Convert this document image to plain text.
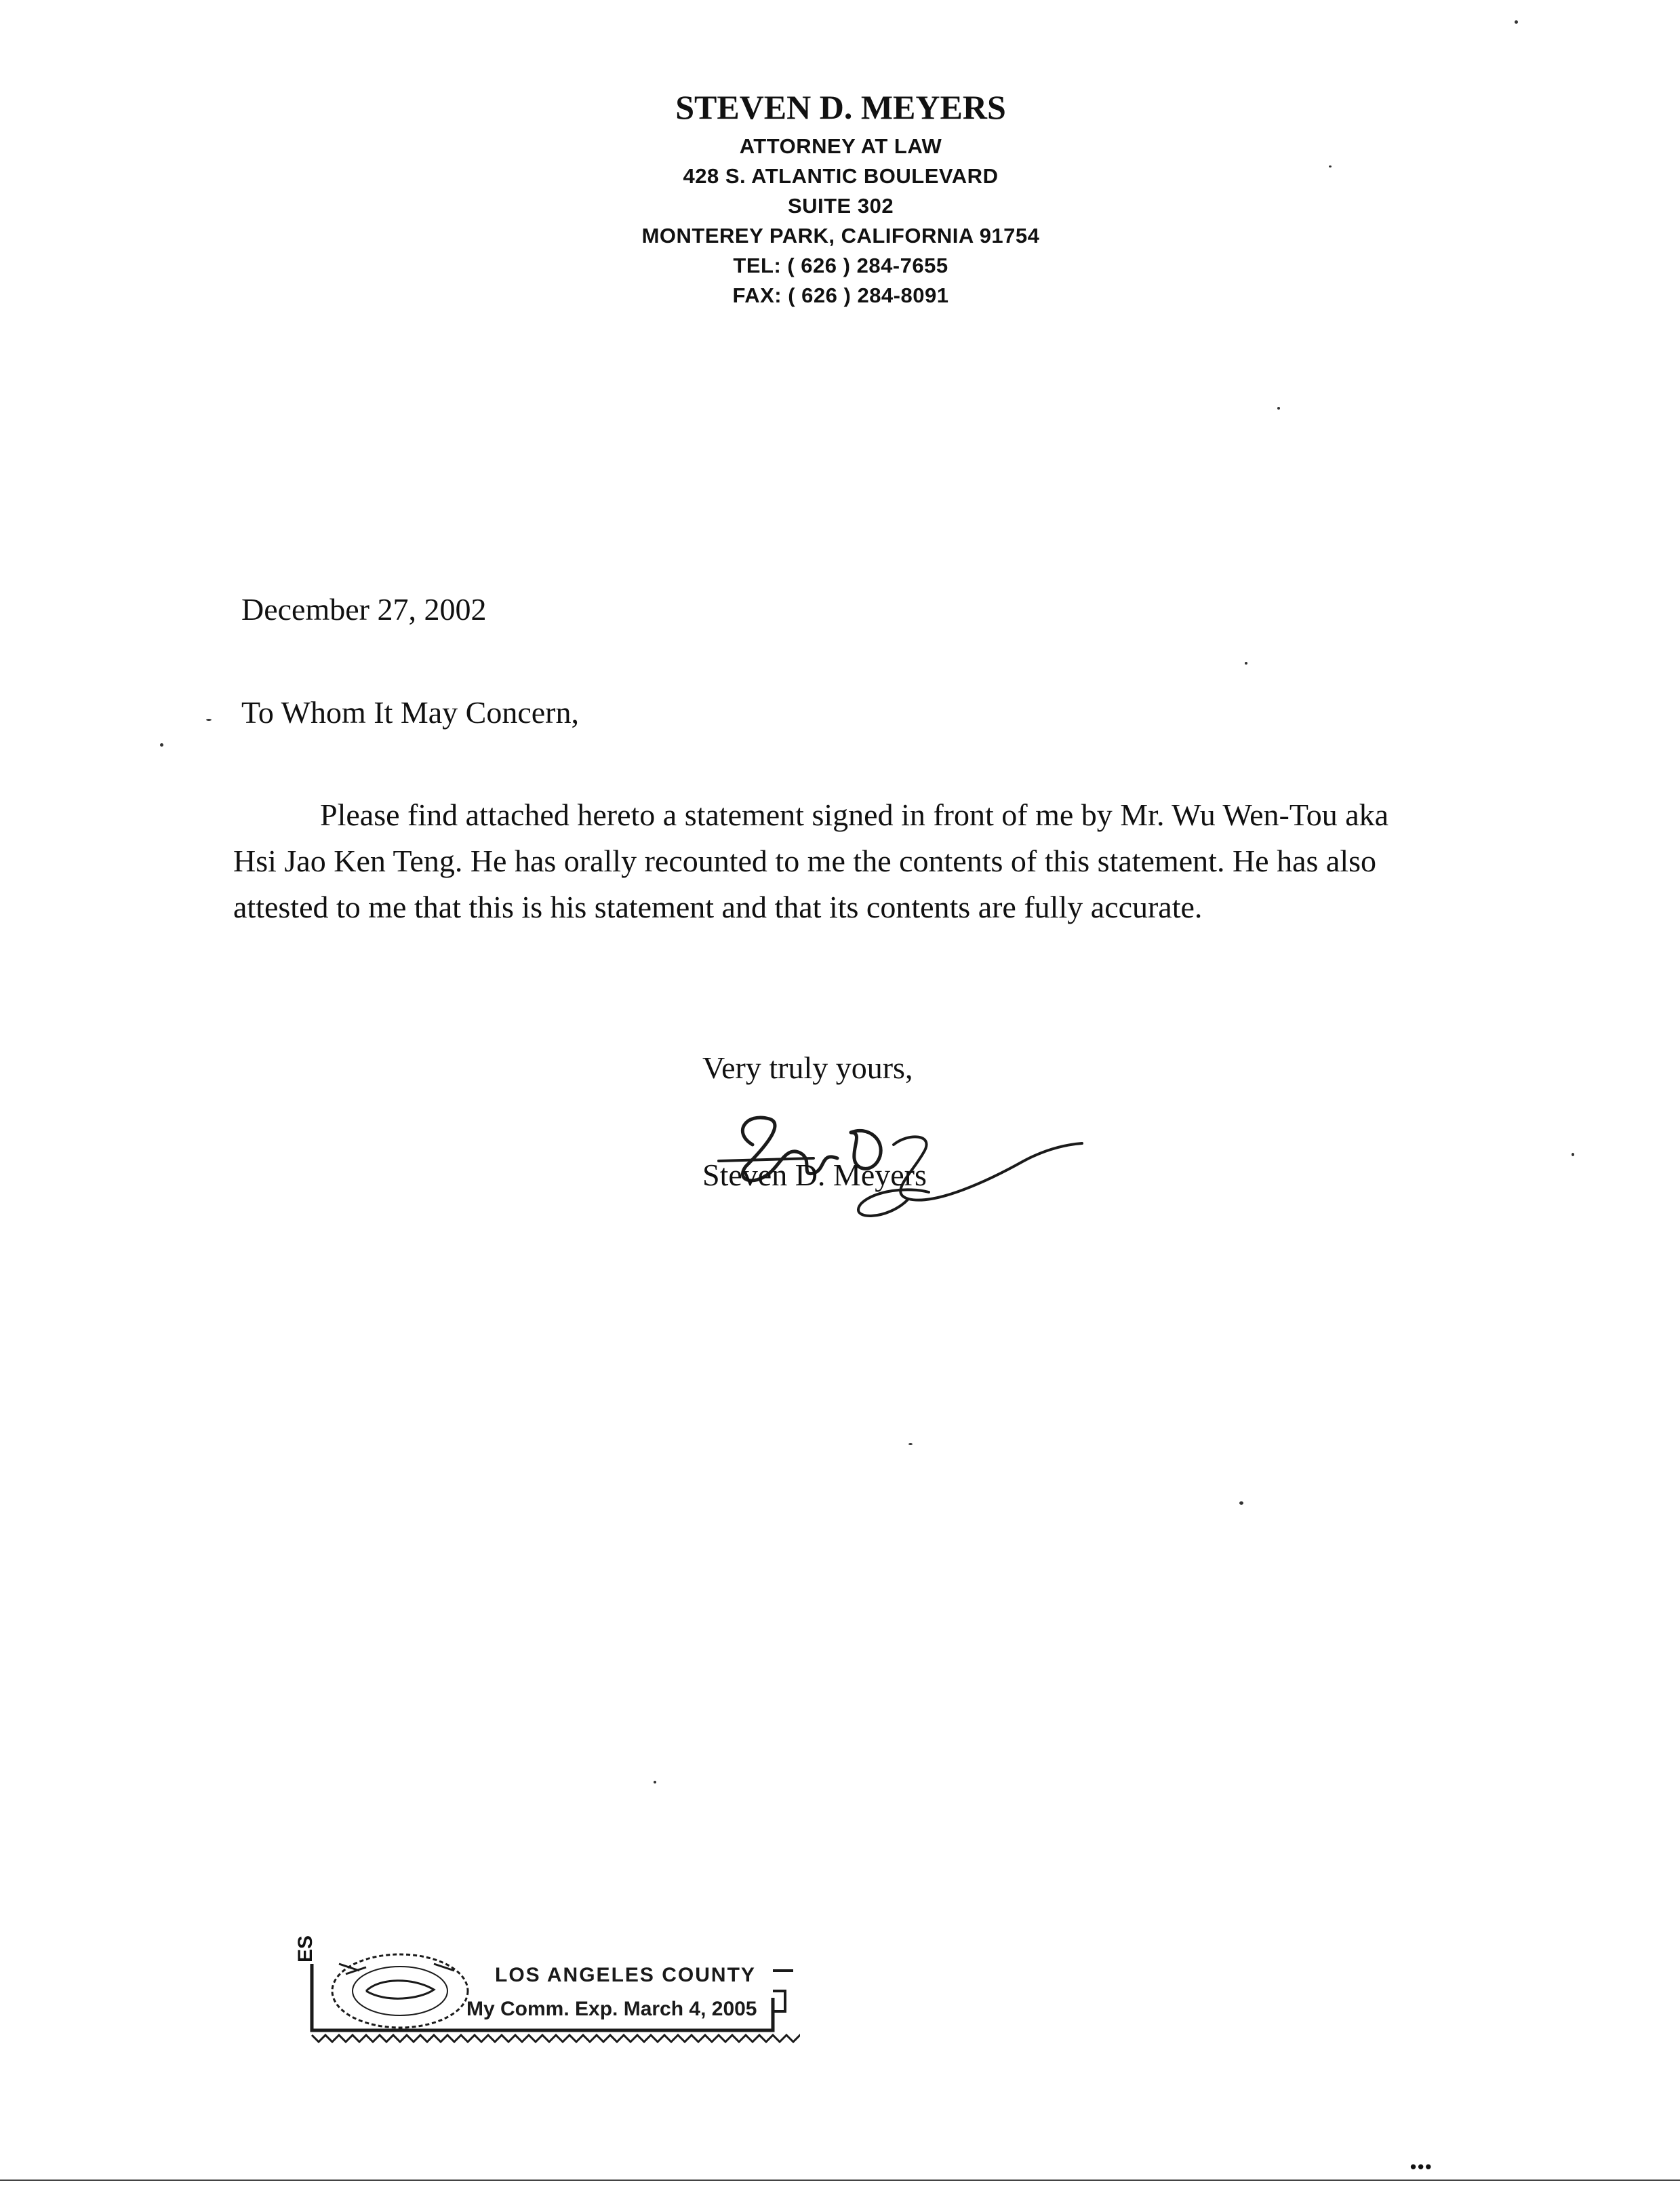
STEVEN D. MEYERS
ATTORNEY AT LAW
428 S. ATLANTIC BOULEVARD
SUITE 302
MONTEREY PARK, CALIFORNIA 91754
TEL: ( 626 ) 284-7655
FAX: ( 626 ) 284-8091
December 27, 2002
To Whom It May Concern,
Please find attached hereto a statement signed in front of me by Mr. Wu Wen-Tou aka Hsi Jao Ken Teng. He has orally recounted to me the contents of this statement. He has also attested to me that this is his statement and that its contents are fully accurate.
Very truly yours,
Steven D. Meyers
ES
LOS ANGELES COUNTY
My Comm. Exp. March 4, 2005
•••
